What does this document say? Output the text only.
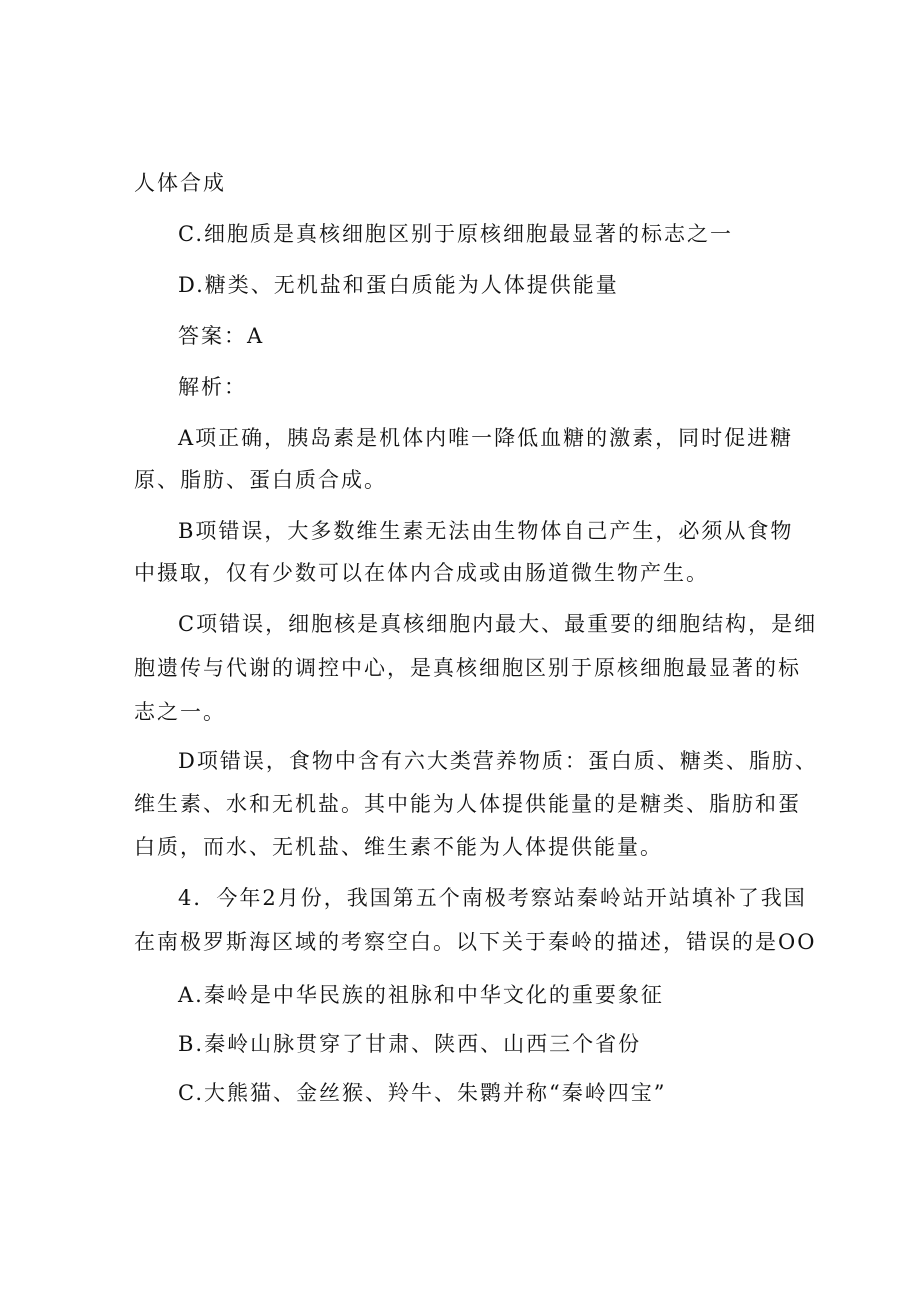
人体合成
C.细胞质是真核细胞区别于原核细胞最显著的标志之一
D.糖类、无机盐和蛋白质能为人体提供能量
答案：A
解析：
A项正确，胰岛素是机体内唯一降低血糖的激素，同时促进糖
原、脂肪、蛋白质合成。
B项错误，大多数维生素无法由生物体自己产生，必须从食物
中摄取，仅有少数可以在体内合成或由肠道微生物产生。
C项错误，细胞核是真核细胞内最大、最重要的细胞结构，是细
胞遗传与代谢的调控中心，是真核细胞区别于原核细胞最显著的标
志之一。
D项错误，食物中含有六大类营养物质：蛋白质、糖类、脂肪、
维生素、水和无机盐。其中能为人体提供能量的是糖类、脂肪和蛋
白质，而水、无机盐、维生素不能为人体提供能量。
4．今年2月份，我国第五个南极考察站秦岭站开站填补了我国
在南极罗斯海区域的考察空白。以下关于秦岭的描述，错误的是OO
A.秦岭是中华民族的祖脉和中华文化的重要象征
B.秦岭山脉贯穿了甘肃、陕西、山西三个省份
C.大熊猫、金丝猴、羚牛、朱鹮并称“秦岭四宝”
